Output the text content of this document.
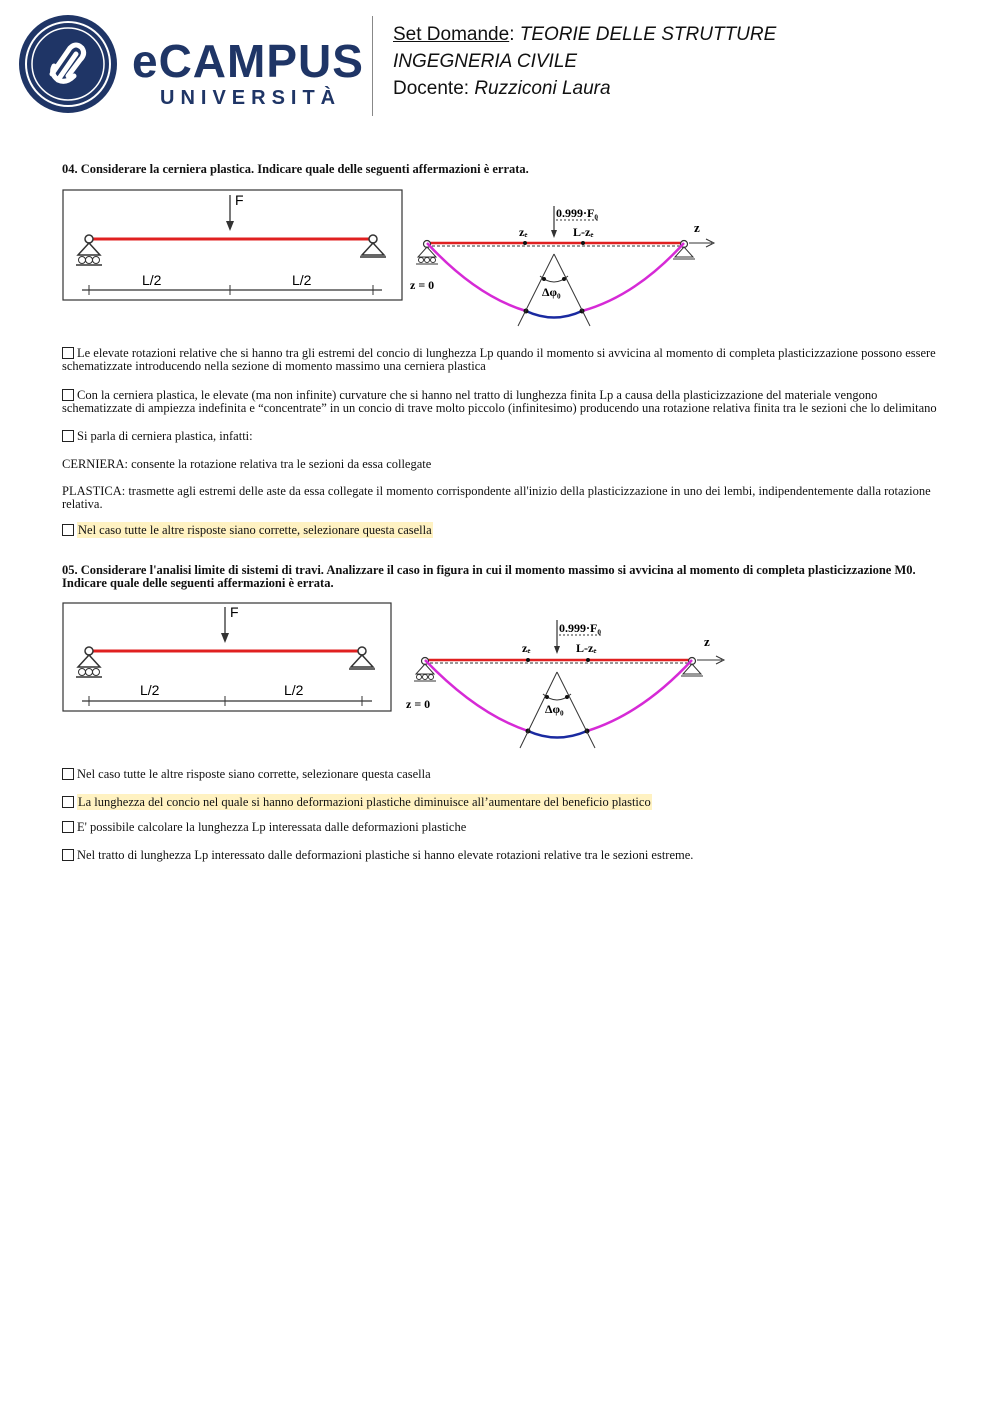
eCAMPUS
UNIVERSITÀ
Set Domande: TEORIE DELLE STRUTTURE
INGEGNERIA CIVILE
Docente: Ruzziconi Laura
04. Considerare la cerniera plastica. Indicare quale delle seguenti affermazioni è errata.
F
L/2	L/2
z
0.999·F₀
zₑ	L-zₑ
z = 0	Δφ₀
Le elevate rotazioni relative che si hanno tra gli estremi del concio di lunghezza Lp quando il momento si avvicina al momento di completa plasticizzazione possono essere schematizzate introducendo nella sezione di momento massimo una cerniera plastica
Con la cerniera plastica, le elevate (ma non infinite) curvature che si hanno nel tratto di lunghezza finita Lp a causa della plasticizzazione del materiale vengono schematizzate di ampiezza indefinita e “concentrate” in un concio di trave molto piccolo (infinitesimo) producendo una rotazione relativa finita tra le sezioni che lo delimitano
Si parla di cerniera plastica, infatti:
CERNIERA: consente la rotazione relativa tra le sezioni da essa collegate
PLASTICA: trasmette agli estremi delle aste da essa collegate il momento corrispondente all'inizio della plasticizzazione in uno dei lembi, indipendentemente dalla rotazione relativa.
Nel caso tutte le altre risposte siano corrette, selezionare questa casella
05. Considerare l'analisi limite di sistemi di travi. Analizzare il caso in figura in cui il momento massimo si avvicina al momento di completa plasticizzazione M0. Indicare quale delle seguenti affermazioni è errata.
F
L/2	L/2
z
0.999·F₀
zₑ	L-zₑ
z = 0	Δφ₀
Nel caso tutte le altre risposte siano corrette, selezionare questa casella
La lunghezza del concio nel quale si hanno deformazioni plastiche diminuisce all’aumentare del beneficio plastico
E' possibile calcolare la lunghezza Lp interessata dalle deformazioni plastiche
Nel tratto di lunghezza Lp interessato dalle deformazioni plastiche si hanno elevate rotazioni relative tra le sezioni estreme.
